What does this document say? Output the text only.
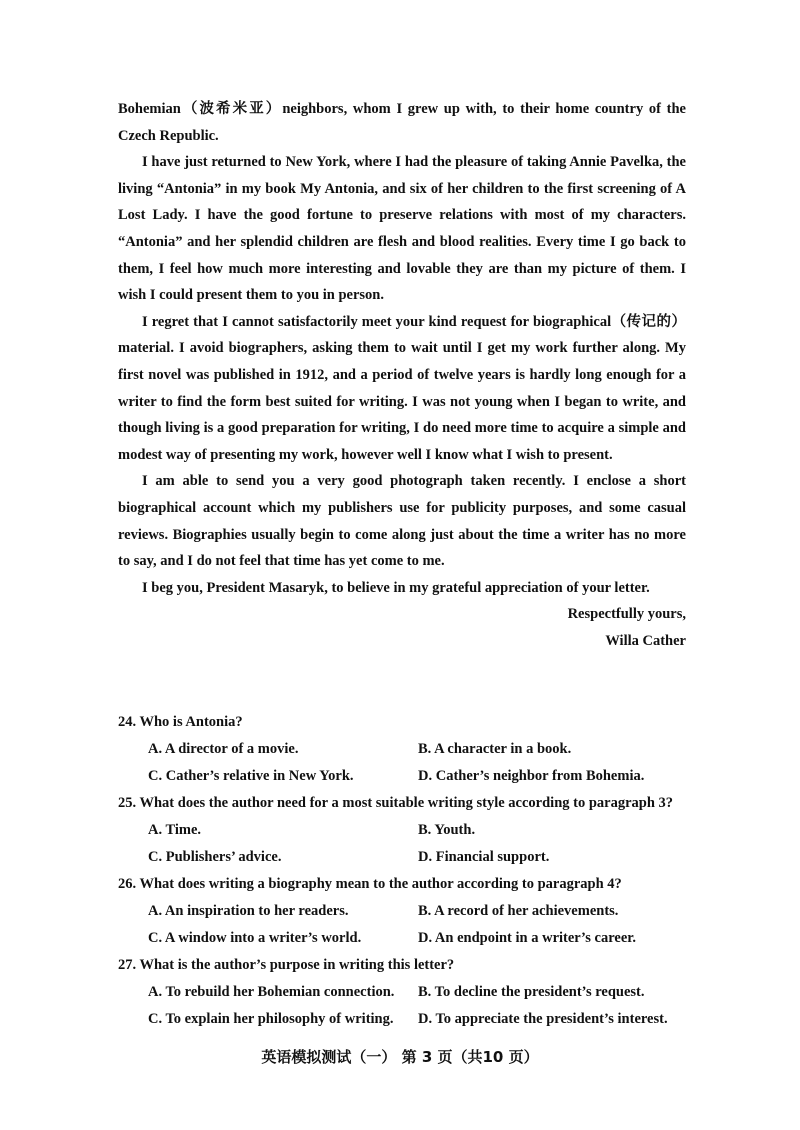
Bohemian（波希米亚）neighbors, whom I grew up with, to their home country of the Czech Republic.

I have just returned to New York, where I had the pleasure of taking Annie Pavelka, the living “Antonia” in my book My Antonia, and six of her children to the first screening of A Lost Lady. I have the good fortune to preserve relations with most of my characters. “Antonia” and her splendid children are flesh and blood realities. Every time I go back to them, I feel how much more interesting and lovable they are than my picture of them. I wish I could present them to you in person.

I regret that I cannot satisfactorily meet your kind request for biographical（传记的）material. I avoid biographers, asking them to wait until I get my work further along. My first novel was published in 1912, and a period of twelve years is hardly long enough for a writer to find the form best suited for writing. I was not young when I began to write, and though living is a good preparation for writing, I do need more time to acquire a simple and modest way of presenting my work, however well I know what I wish to present.

I am able to send you a very good photograph taken recently. I enclose a short biographical account which my publishers use for publicity purposes, and some casual reviews. Biographies usually begin to come along just about the time a writer has no more to say, and I do not feel that time has yet come to me.

I beg you, President Masaryk, to believe in my grateful appreciation of your letter.

Respectfully yours,

Willa Cather

24. Who is Antonia?

A. A director of a movie.	B. A character in a book.

C. Cather’s relative in New York.	D. Cather’s neighbor from Bohemia.

25. What does the author need for a most suitable writing style according to paragraph 3?

A. Time.	B. Youth.

C. Publishers’ advice.	D. Financial support.

26. What does writing a biography mean to the author according to paragraph 4?

A. An inspiration to her readers.	B. A record of her achievements.

C. A window into a writer’s world.	D. An endpoint in a writer’s career.

27. What is the author’s purpose in writing this letter?

A. To rebuild her Bohemian connection.	B. To decline the president’s request.

C. To explain her philosophy of writing.	D. To appreciate the president’s interest.

英语模拟测试（一） 第 3 页（共10 页）
